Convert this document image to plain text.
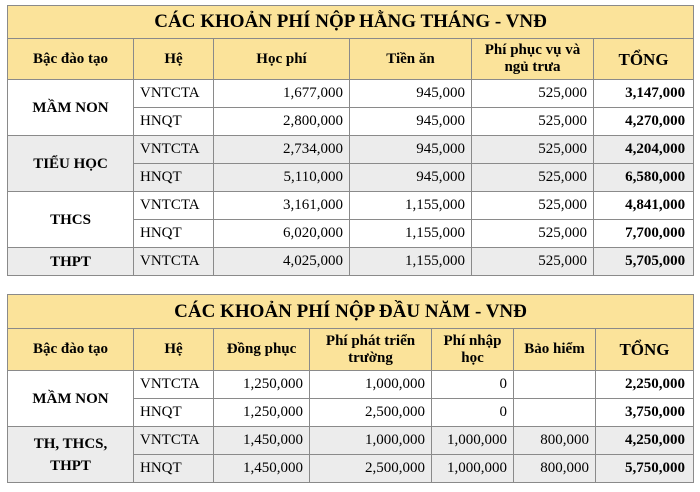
CÁC KHOẢN PHÍ NỘP HẰNG THÁNG - VNĐ					
Bậc đào tạo	Hệ	Học phí	Tiền ăn	Phí phục vụ và ngủ trưa	TỔNG
MẦM NON	VNTCTA	1,677,000	945,000	525,000	3,147,000
	HNQT	2,800,000	945,000	525,000	4,270,000
TIỂU HỌC	VNTCTA	2,734,000	945,000	525,000	4,204,000
	HNQT	5,110,000	945,000	525,000	6,580,000
THCS	VNTCTA	3,161,000	1,155,000	525,000	4,841,000
	HNQT	6,020,000	1,155,000	525,000	7,700,000
THPT	VNTCTA	4,025,000	1,155,000	525,000	5,705,000
CÁC KHOẢN PHÍ NỘP ĐẦU NĂM - VNĐ						
Bậc đào tạo	Hệ	Đồng phục	Phí phát triển trường	Phí nhập học	Bảo hiểm	TỔNG
MẦM NON	VNTCTA	1,250,000	1,000,000	0		2,250,000
	HNQT	1,250,000	2,500,000	0		3,750,000
TH, THCS, THPT	VNTCTA	1,450,000	1,000,000	1,000,000	800,000	4,250,000
	HNQT	1,450,000	2,500,000	1,000,000	800,000	5,750,000
